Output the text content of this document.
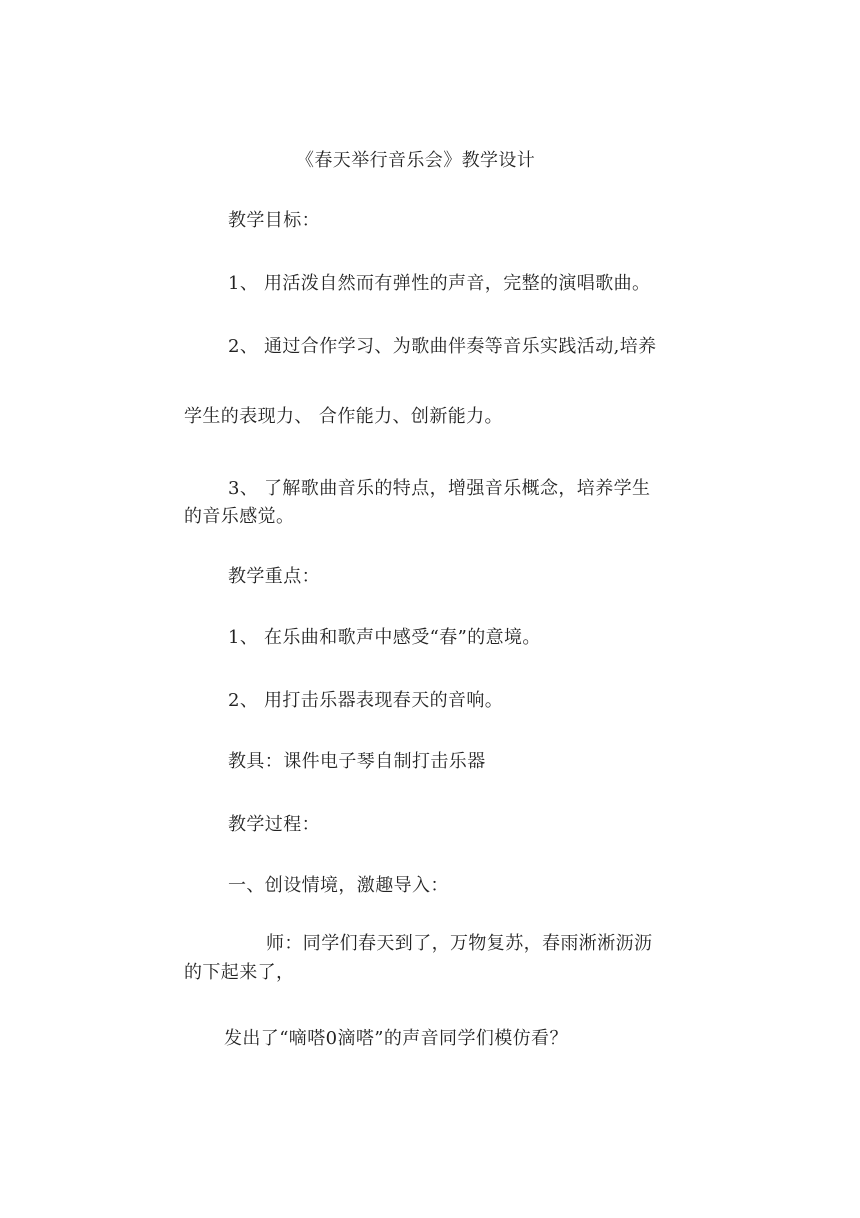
《春天举行音乐会》教学设计
教学目标：
1、 用活泼自然而有弹性的声音，完整的演唱歌曲。
2、 通过合作学习、为歌曲伴奏等音乐实践活动,培养
学生的表现力、 合作能力、创新能力。
3、 了解歌曲音乐的特点，增强音乐概念，培养学生
的音乐感觉。
教学重点：
1、 在乐曲和歌声中感受“春”的意境。
2、 用打击乐器表现春天的音响。
教具：课件电子琴自制打击乐器
教学过程：
一、创设情境，激趣导入：
师：同学们春天到了，万物复苏，春雨淅淅沥沥
的下起来了，
发出了“嘀嗒0滴嗒”的声音同学们模仿看？
